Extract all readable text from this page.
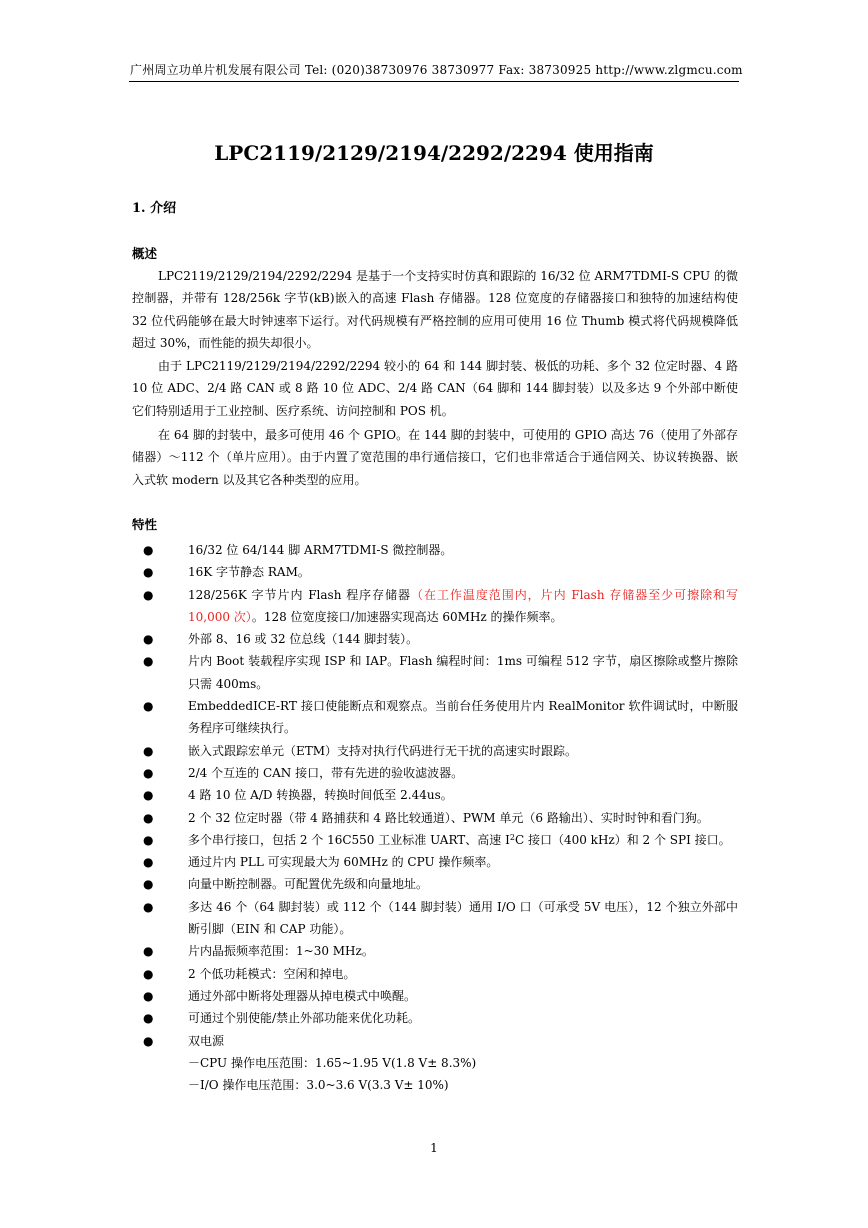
广州周立功单片机发展有限公司 Tel: (020)38730976 38730977 Fax: 38730925 http://www.zlgmcu.com
LPC2119/2129/2194/2292/2294 使用指南
1. 介绍
概述
LPC2119/2129/2194/2292/2294 是基于一个支持实时仿真和跟踪的 16/32 位 ARM7TDMI-S CPU 的微控制器，并带有 128/256k 字节(kB)嵌入的高速 Flash 存储器。128 位宽度的存储器接口和独特的加速结构使 32 位代码能够在最大时钟速率下运行。对代码规模有严格控制的应用可使用 16 位 Thumb 模式将代码规模降低超过 30%，而性能的损失却很小。
由于 LPC2119/2129/2194/2292/2294 较小的 64 和 144 脚封装、极低的功耗、多个 32 位定时器、4 路 10 位 ADC、2/4 路 CAN 或 8 路 10 位 ADC、2/4 路 CAN（64 脚和 144 脚封装）以及多达 9 个外部中断使它们特别适用于工业控制、医疗系统、访问控制和 POS 机。
在 64 脚的封装中，最多可使用 46 个 GPIO。在 144 脚的封装中，可使用的 GPIO 高达 76（使用了外部存储器）～112 个（单片应用）。由于内置了宽范围的串行通信接口，它们也非常适合于通信网关、协议转换器、嵌入式软 modern 以及其它各种类型的应用。
特性
●	16/32 位 64/144 脚 ARM7TDMI-S 微控制器。
●	16K 字节静态 RAM。
●	128/256K 字节片内 Flash 程序存储器（在工作温度范围内，片内 Flash 存储器至少可擦除和写 10,000 次）。128 位宽度接口/加速器实现高达 60MHz 的操作频率。
●	外部 8、16 或 32 位总线（144 脚封装）。
●	片内 Boot 装载程序实现 ISP 和 IAP。Flash 编程时间：1ms 可编程 512 字节，扇区擦除或整片擦除只需 400ms。
●	EmbeddedICE-RT 接口使能断点和观察点。当前台任务使用片内 RealMonitor 软件调试时，中断服务程序可继续执行。
●	嵌入式跟踪宏单元（ETM）支持对执行代码进行无干扰的高速实时跟踪。
●	2/4 个互连的 CAN 接口，带有先进的验收滤波器。
●	4 路 10 位 A/D 转换器，转换时间低至 2.44us。
●	2 个 32 位定时器（带 4 路捕获和 4 路比较通道）、PWM 单元（6 路输出）、实时时钟和看门狗。
●	多个串行接口，包括 2 个 16C550 工业标准 UART、高速 $I^2C$ 接口（400 kHz）和 2 个 SPI 接口。
●	通过片内 PLL 可实现最大为 60MHz 的 CPU 操作频率。
●	向量中断控制器。可配置优先级和向量地址。
●	多达 46 个（64 脚封装）或 112 个（144 脚封装）通用 I/O 口（可承受 5V 电压），12 个独立外部中断引脚（EIN 和 CAP 功能）。
●	片内晶振频率范围：1~30 MHz。
●	2 个低功耗模式：空闲和掉电。
●	通过外部中断将处理器从掉电模式中唤醒。
●	可通过个别使能/禁止外部功能来优化功耗。
●	双电源
－CPU 操作电压范围：1.65~1.95 V(1.8 V± 8.3%)
－I/O 操作电压范围：3.0~3.6 V(3.3 V± 10%)
1
